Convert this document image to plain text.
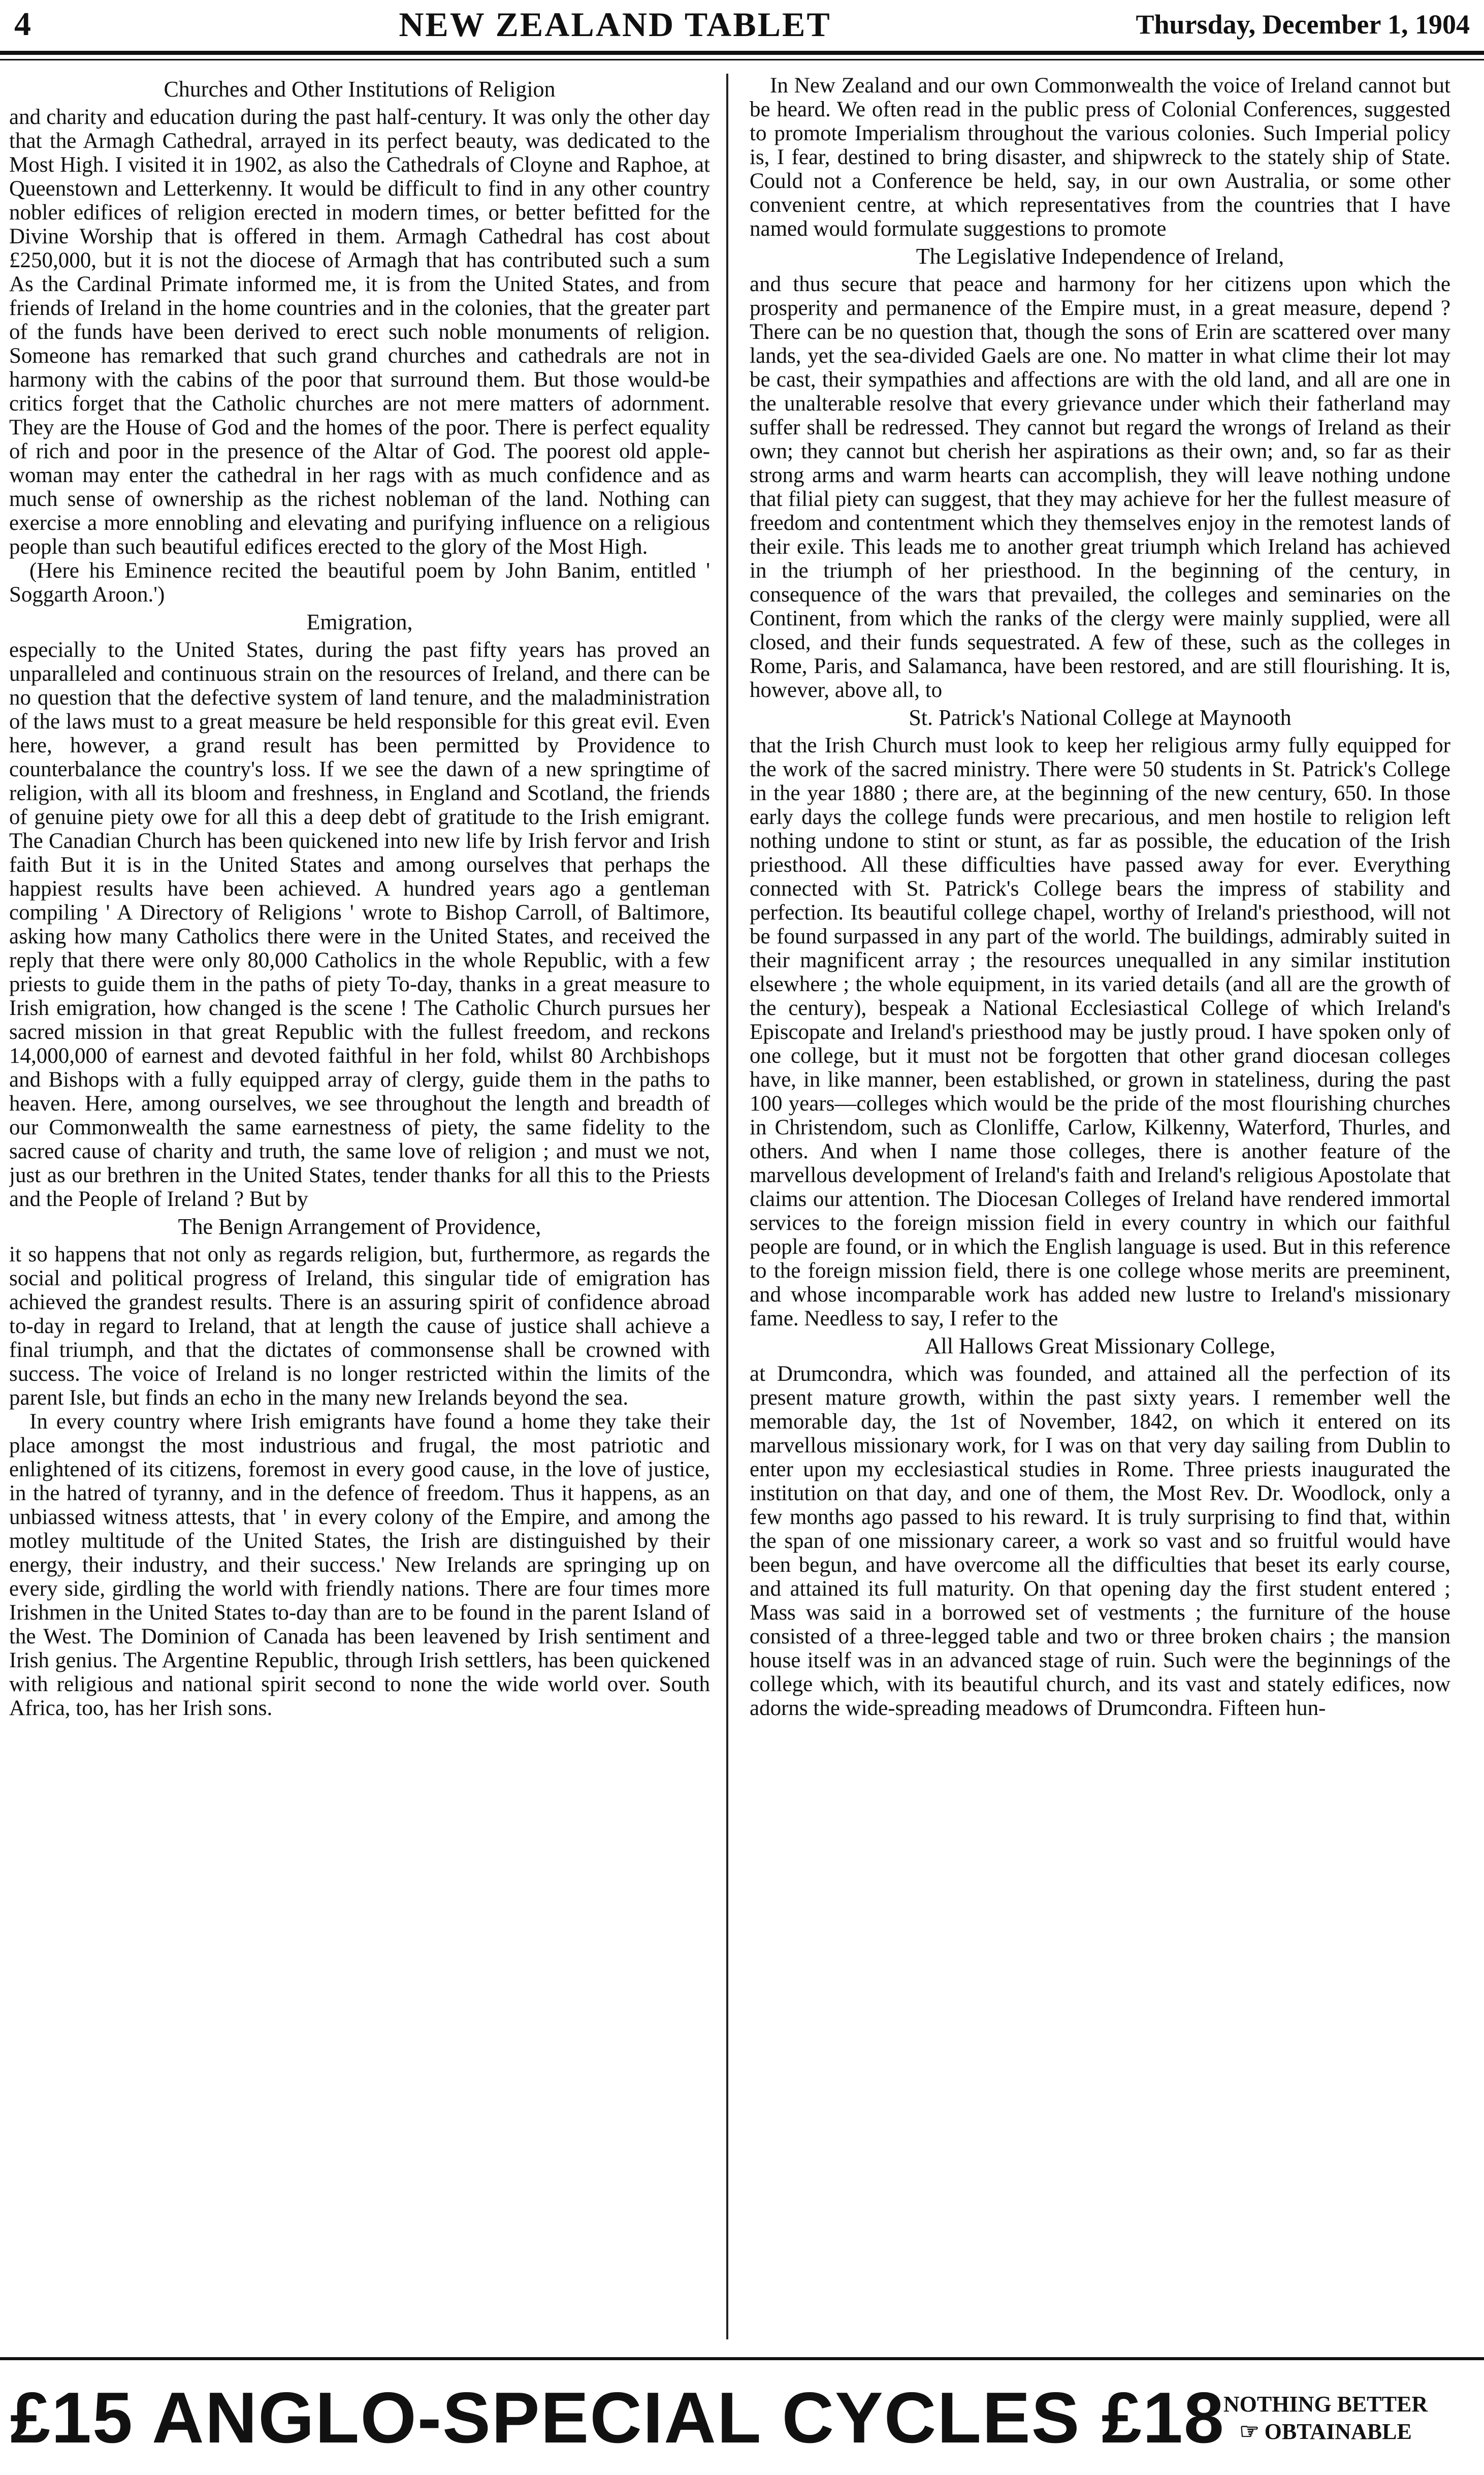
4	NEW ZEALAND TABLET	Thursday, December 1, 1904
Churches and Other Institutions of Religion

and charity and education during the past half-century. It was only the other day that the Armagh Cathedral, arrayed in its perfect beauty, was dedicated to the Most High. I visited it in 1902, as also the Cathedrals of Cloyne and Raphoe, at Queenstown and Letterkenny. It would be difficult to find in any other country nobler edifices of religion erected in modern times, or better befitted for the Divine Worship that is offered in them. Armagh Cathedral has cost about £250,000, but it is not the diocese of Armagh that has contributed such a sum As the Cardinal Primate informed me, it is from the United States, and from friends of Ireland in the home countries and in the colonies, that the greater part of the funds have been derived to erect such noble monuments of religion. Someone has remarked that such grand churches and cathedrals are not in harmony with the cabins of the poor that surround them. But those would-be critics forget that the Catholic churches are not mere matters of adornment. They are the House of God and the homes of the poor. There is perfect equality of rich and poor in the presence of the Altar of God. The poorest old apple-woman may enter the cathedral in her rags with as much confidence and as much sense of ownership as the richest nobleman of the land. Nothing can exercise a more ennobling and elevating and purifying influence on a religious people than such beautiful edifices erected to the glory of the Most High.

(Here his Eminence recited the beautiful poem by John Banim, entitled ' Soggarth Aroon.')

Emigration,

especially to the United States, during the past fifty years has proved an unparalleled and continuous strain on the resources of Ireland, and there can be no question that the defective system of land tenure, and the maladministration of the laws must to a great measure be held responsible for this great evil. Even here, however, a grand result has been permitted by Providence to counterbalance the country's loss. If we see the dawn of a new springtime of religion, with all its bloom and freshness, in England and Scotland, the friends of genuine piety owe for all this a deep debt of gratitude to the Irish emigrant. The Canadian Church has been quickened into new life by Irish fervor and Irish faith But it is in the United States and among ourselves that perhaps the happiest results have been achieved. A hundred years ago a gentleman compiling ' A Directory of Religions ' wrote to Bishop Carroll, of Baltimore, asking how many Catholics there were in the United States, and received the reply that there were only 80,000 Catholics in the whole Republic, with a few priests to guide them in the paths of piety To-day, thanks in a great measure to Irish emigration, how changed is the scene ! The Catholic Church pursues her sacred mission in that great Republic with the fullest freedom, and reckons 14,000,000 of earnest and devoted faithful in her fold, whilst 80 Archbishops and Bishops with a fully equipped array of clergy, guide them in the paths to heaven. Here, among ourselves, we see throughout the length and breadth of our Commonwealth the same earnestness of piety, the same fidelity to the sacred cause of charity and truth, the same love of religion ; and must we not, just as our brethren in the United States, tender thanks for all this to the Priests and the People of Ireland ? But by

The Benign Arrangement of Providence,

it so happens that not only as regards religion, but, furthermore, as regards the social and political progress of Ireland, this singular tide of emigration has achieved the grandest results. There is an assuring spirit of confidence abroad to-day in regard to Ireland, that at length the cause of justice shall achieve a final triumph, and that the dictates of commonsense shall be crowned with success. The voice of Ireland is no longer restricted within the limits of the parent Isle, but finds an echo in the many new Irelands beyond the sea.

In every country where Irish emigrants have found a home they take their place amongst the most industrious and frugal, the most patriotic and enlightened of its citizens, foremost in every good cause, in the love of justice, in the hatred of tyranny, and in the defence of freedom. Thus it happens, as an unbiassed witness attests, that ' in every colony of the Empire, and among the motley multitude of the United States, the Irish are distinguished by their energy, their industry, and their success.' New Irelands are springing up on every side, girdling the world with friendly nations. There are four times more Irishmen in the United States to-day than are to be found in the parent Island of the West. The Dominion of Canada has been leavened by Irish sentiment and Irish genius. The Argentine Republic, through Irish settlers, has been quickened with religious and national spirit second to none the wide world over. South Africa, too, has her Irish sons.

In New Zealand and our own Commonwealth the voice of Ireland cannot but be heard. We often read in the public press of Colonial Conferences, suggested to promote Imperialism throughout the various colonies. Such Imperial policy is, I fear, destined to bring disaster, and shipwreck to the stately ship of State. Could not a Conference be held, say, in our own Australia, or some other convenient centre, at which representatives from the countries that I have named would formulate suggestions to promote

The Legislative Independence of Ireland,

and thus secure that peace and harmony for her citizens upon which the prosperity and permanence of the Empire must, in a great measure, depend ? There can be no question that, though the sons of Erin are scattered over many lands, yet the sea-divided Gaels are one. No matter in what clime their lot may be cast, their sympathies and affections are with the old land, and all are one in the unalterable resolve that every grievance under which their fatherland may suffer shall be redressed. They cannot but regard the wrongs of Ireland as their own; they cannot but cherish her aspirations as their own; and, so far as their strong arms and warm hearts can accomplish, they will leave nothing undone that filial piety can suggest, that they may achieve for her the fullest measure of freedom and contentment which they themselves enjoy in the remotest lands of their exile. This leads me to another great triumph which Ireland has achieved in the triumph of her priesthood. In the beginning of the century, in consequence of the wars that prevailed, the colleges and seminaries on the Continent, from which the ranks of the clergy were mainly supplied, were all closed, and their funds sequestrated. A few of these, such as the colleges in Rome, Paris, and Salamanca, have been restored, and are still flourishing. It is, however, above all, to

St. Patrick's National College at Maynooth

that the Irish Church must look to keep her religious army fully equipped for the work of the sacred ministry. There were 50 students in St. Patrick's College in the year 1880 ; there are, at the beginning of the new century, 650. In those early days the college funds were precarious, and men hostile to religion left nothing undone to stint or stunt, as far as possible, the education of the Irish priesthood. All these difficulties have passed away for ever. Everything connected with St. Patrick's College bears the impress of stability and perfection. Its beautiful college chapel, worthy of Ireland's priesthood, will not be found surpassed in any part of the world. The buildings, admirably suited in their magnificent array ; the resources unequalled in any similar institution elsewhere ; the whole equipment, in its varied details (and all are the growth of the century), bespeak a National Ecclesiastical College of which Ireland's Episcopate and Ireland's priesthood may be justly proud. I have spoken only of one college, but it must not be forgotten that other grand diocesan colleges have, in like manner, been established, or grown in stateliness, during the past 100 years—colleges which would be the pride of the most flourishing churches in Christendom, such as Clonliffe, Carlow, Kilkenny, Waterford, Thurles, and others. And when I name those colleges, there is another feature of the marvellous development of Ireland's faith and Ireland's religious Apostolate that claims our attention. The Diocesan Colleges of Ireland have rendered immortal services to the foreign mission field in every country in which our faithful people are found, or in which the English language is used. But in this reference to the foreign mission field, there is one college whose merits are preeminent, and whose incomparable work has added new lustre to Ireland's missionary fame. Needless to say, I refer to the

All Hallows Great Missionary College,

at Drumcondra, which was founded, and attained all the perfection of its present mature growth, within the past sixty years. I remember well the memorable day, the 1st of November, 1842, on which it entered on its marvellous missionary work, for I was on that very day sailing from Dublin to enter upon my ecclesiastical studies in Rome. Three priests inaugurated the institution on that day, and one of them, the Most Rev. Dr. Woodlock, only a few months ago passed to his reward. It is truly surprising to find that, within the span of one missionary career, a work so vast and so fruitful would have been begun, and have overcome all the difficulties that beset its early course, and attained its full maturity. On that opening day the first student entered ; Mass was said in a borrowed set of vestments ; the furniture of the house consisted of a three-legged table and two or three broken chairs ; the mansion house itself was in an advanced stage of ruin. Such were the beginnings of the college which, with its beautiful church, and its vast and stately edifices, now adorns the wide-spreading meadows of Drumcondra. Fifteen hun-

£15 ANGLO-SPECIAL CYCLES £18
NOTHING BETTER
☞ OBTAINABLE
